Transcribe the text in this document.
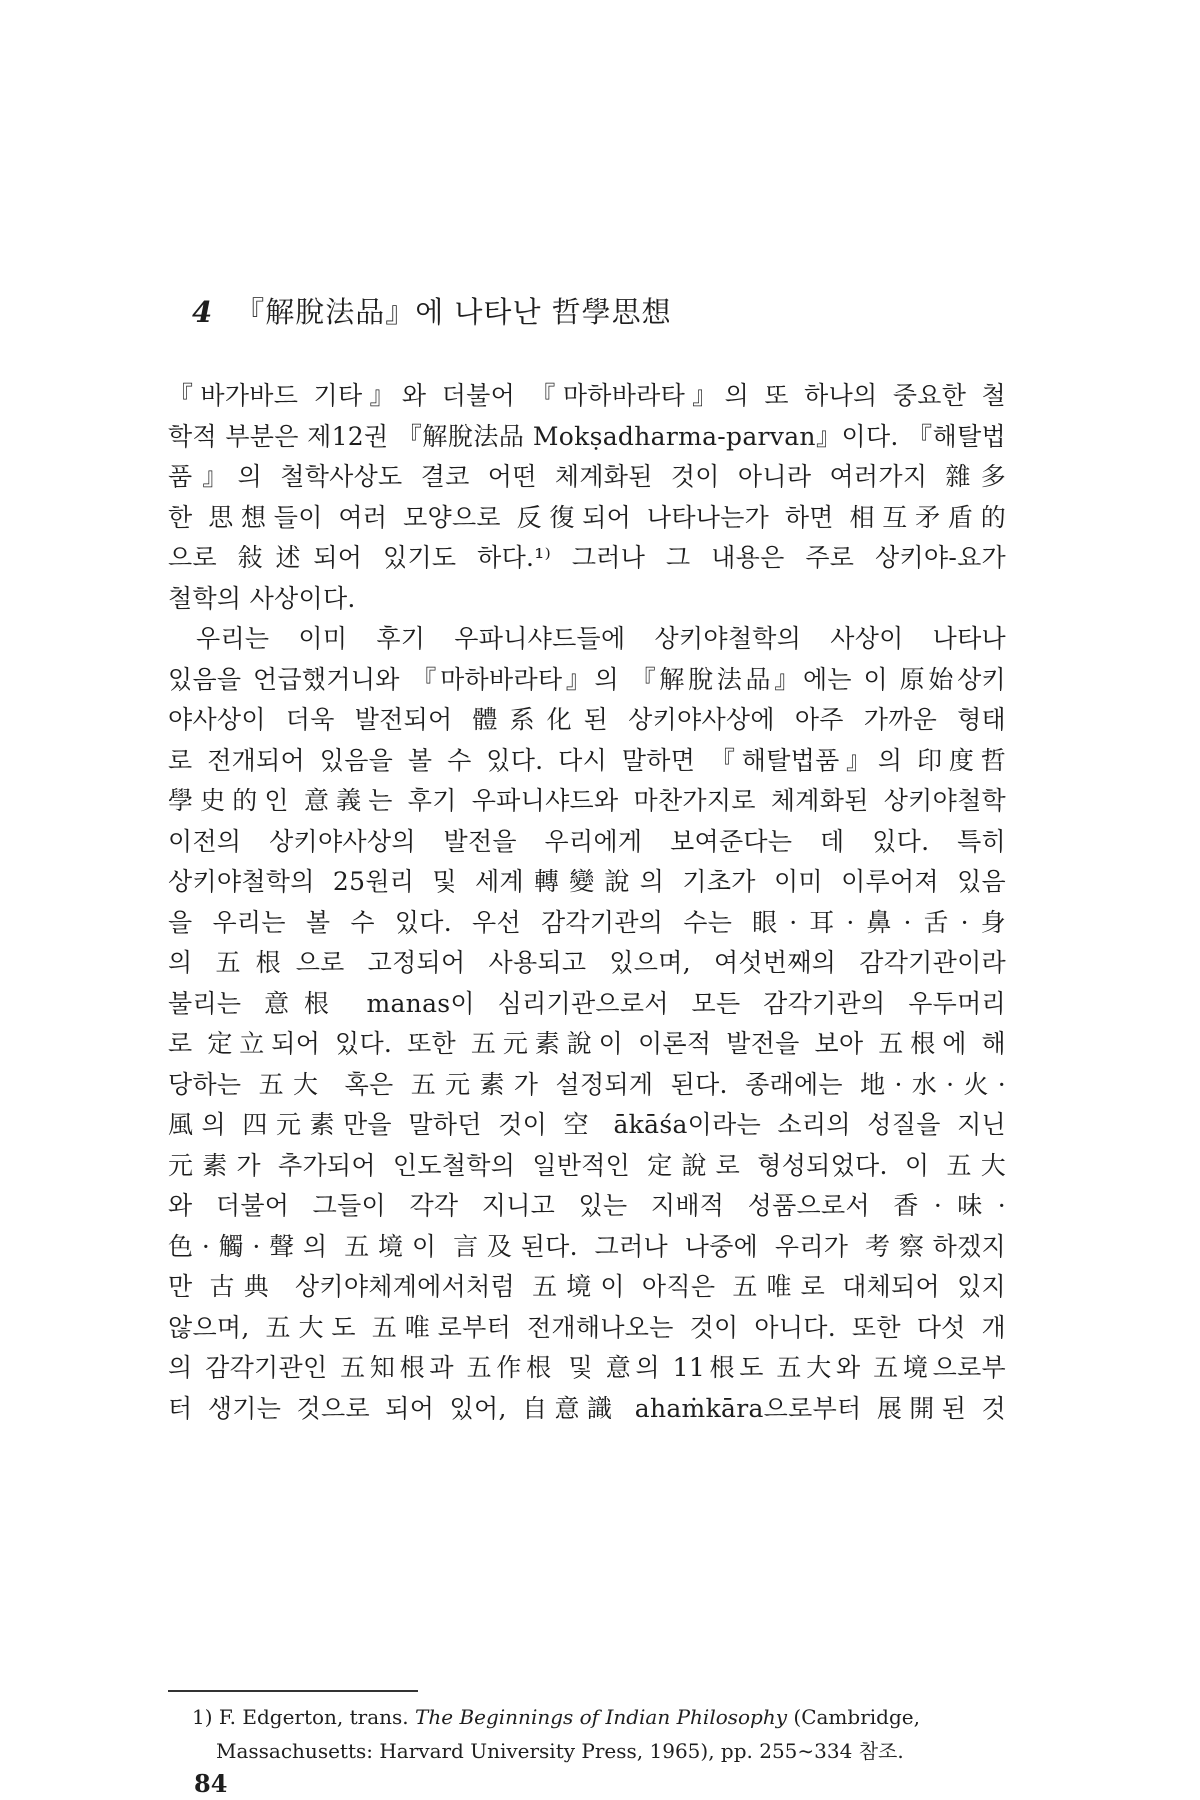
4 『解脫法品』에 나타난 哲學思想
『바가바드 기타』와 더불어 『마하바라타』의 또 하나의 중요한 철
학적 부분은 제12권 『解脫法品 Mokṣadharma-parvan』이다. 『해탈법
품』의 철학사상도 결코 어떤 체계화된 것이 아니라 여러가지 雜多
한 思想들이 여러 모양으로 反復되어 나타나는가 하면 相互矛盾的
으로 敍述되어 있기도 하다.¹⁾ 그러나 그 내용은 주로 상키야-요가
철학의 사상이다.
우리는 이미 후기 우파니샤드들에 상키야철학의 사상이 나타나
있음을 언급했거니와 『마하바라타』의 『解脫法品』에는 이 原始상키
야사상이 더욱 발전되어 體系化된 상키야사상에 아주 가까운 형태
로 전개되어 있음을 볼 수 있다. 다시 말하면 『해탈법품』의 印度哲
學史的인 意義는 후기 우파니샤드와 마찬가지로 체계화된 상키야철학
이전의 상키야사상의 발전을 우리에게 보여준다는 데 있다. 특히
상키야철학의 25원리 및 세계轉變說의 기초가 이미 이루어져 있음
을 우리는 볼 수 있다. 우선 감각기관의 수는 眼·耳·鼻·舌·身
의 五根으로 고정되어 사용되고 있으며, 여섯번째의 감각기관이라
불리는 意根 manas이 심리기관으로서 모든 감각기관의 우두머리
로 定立되어 있다. 또한 五元素說이 이론적 발전을 보아 五根에 해
당하는 五大 혹은 五元素가 설정되게 된다. 종래에는 地·水·火·
風의 四元素만을 말하던 것이 空 ākāśa이라는 소리의 성질을 지닌
元素가 추가되어 인도철학의 일반적인 定說로 형성되었다. 이 五大
와 더불어 그들이 각각 지니고 있는 지배적 성품으로서 香·味·
色·觸·聲의 五境이 言及된다. 그러나 나중에 우리가 考察하겠지
만 古典 상키야체계에서처럼 五境이 아직은 五唯로 대체되어 있지
않으며, 五大도 五唯로부터 전개해나오는 것이 아니다. 또한 다섯 개
의 감각기관인 五知根과 五作根 및 意의 11根도 五大와 五境으로부
터 생기는 것으로 되어 있어, 自意識 ahaṁkāra으로부터 展開된 것
1) F. Edgerton, trans. The Beginnings of Indian Philosophy (Cambridge,
Massachusetts: Harvard University Press, 1965), pp. 255∼334 참조.
84
